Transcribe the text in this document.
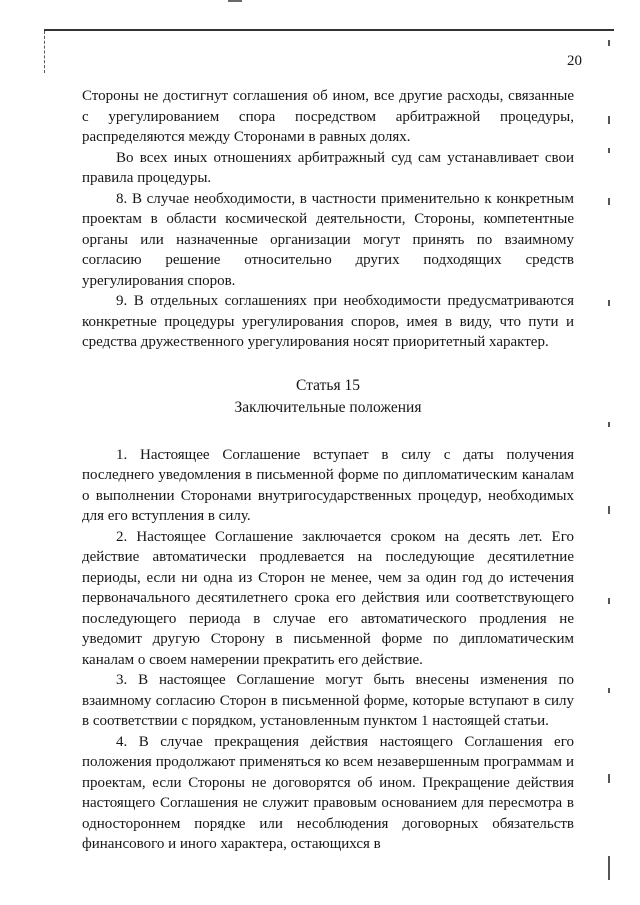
20

Стороны не достигнут соглашения об ином, все другие расходы, связанные с урегулированием спора посредством арбитражной процедуры, распределяются между Сторонами в равных долях.

Во всех иных отношениях арбитражный суд сам устанавливает свои правила процедуры.

8. В случае необходимости, в частности применительно к конкретным проектам в области космической деятельности, Стороны, компетентные органы или назначенные организации могут принять по взаимному согласию решение относительно других подходящих средств урегулирования споров.

9. В отдельных соглашениях при необходимости предусматриваются конкретные процедуры урегулирования споров, имея в виду, что пути и средства дружественного урегулирования носят приоритетный характер.

Статья 15
Заключительные положения

1. Настоящее Соглашение вступает в силу с даты получения последнего уведомления в письменной форме по дипломатическим каналам о выполнении Сторонами внутригосударственных процедур, необходимых для его вступления в силу.

2. Настоящее Соглашение заключается сроком на десять лет. Его действие автоматически продлевается на последующие десятилетние периоды, если ни одна из Сторон не менее, чем за один год до истечения первоначального десятилетнего срока его действия или соответствующего последующего периода в случае его автоматического продления не уведомит другую Сторону в письменной форме по дипломатическим каналам о своем намерении прекратить его действие.

3. В настоящее Соглашение могут быть внесены изменения по взаимному согласию Сторон в письменной форме, которые вступают в силу в соответствии с порядком, установленным пунктом 1 настоящей статьи.

4. В случае прекращения действия настоящего Соглашения его положения продолжают применяться ко всем незавершенным программам и проектам, если Стороны не договорятся об ином. Прекращение действия настоящего Соглашения не служит правовым основанием для пересмотра в одностороннем порядке или несоблюдения договорных обязательств финансового и иного характера, остающихся в
